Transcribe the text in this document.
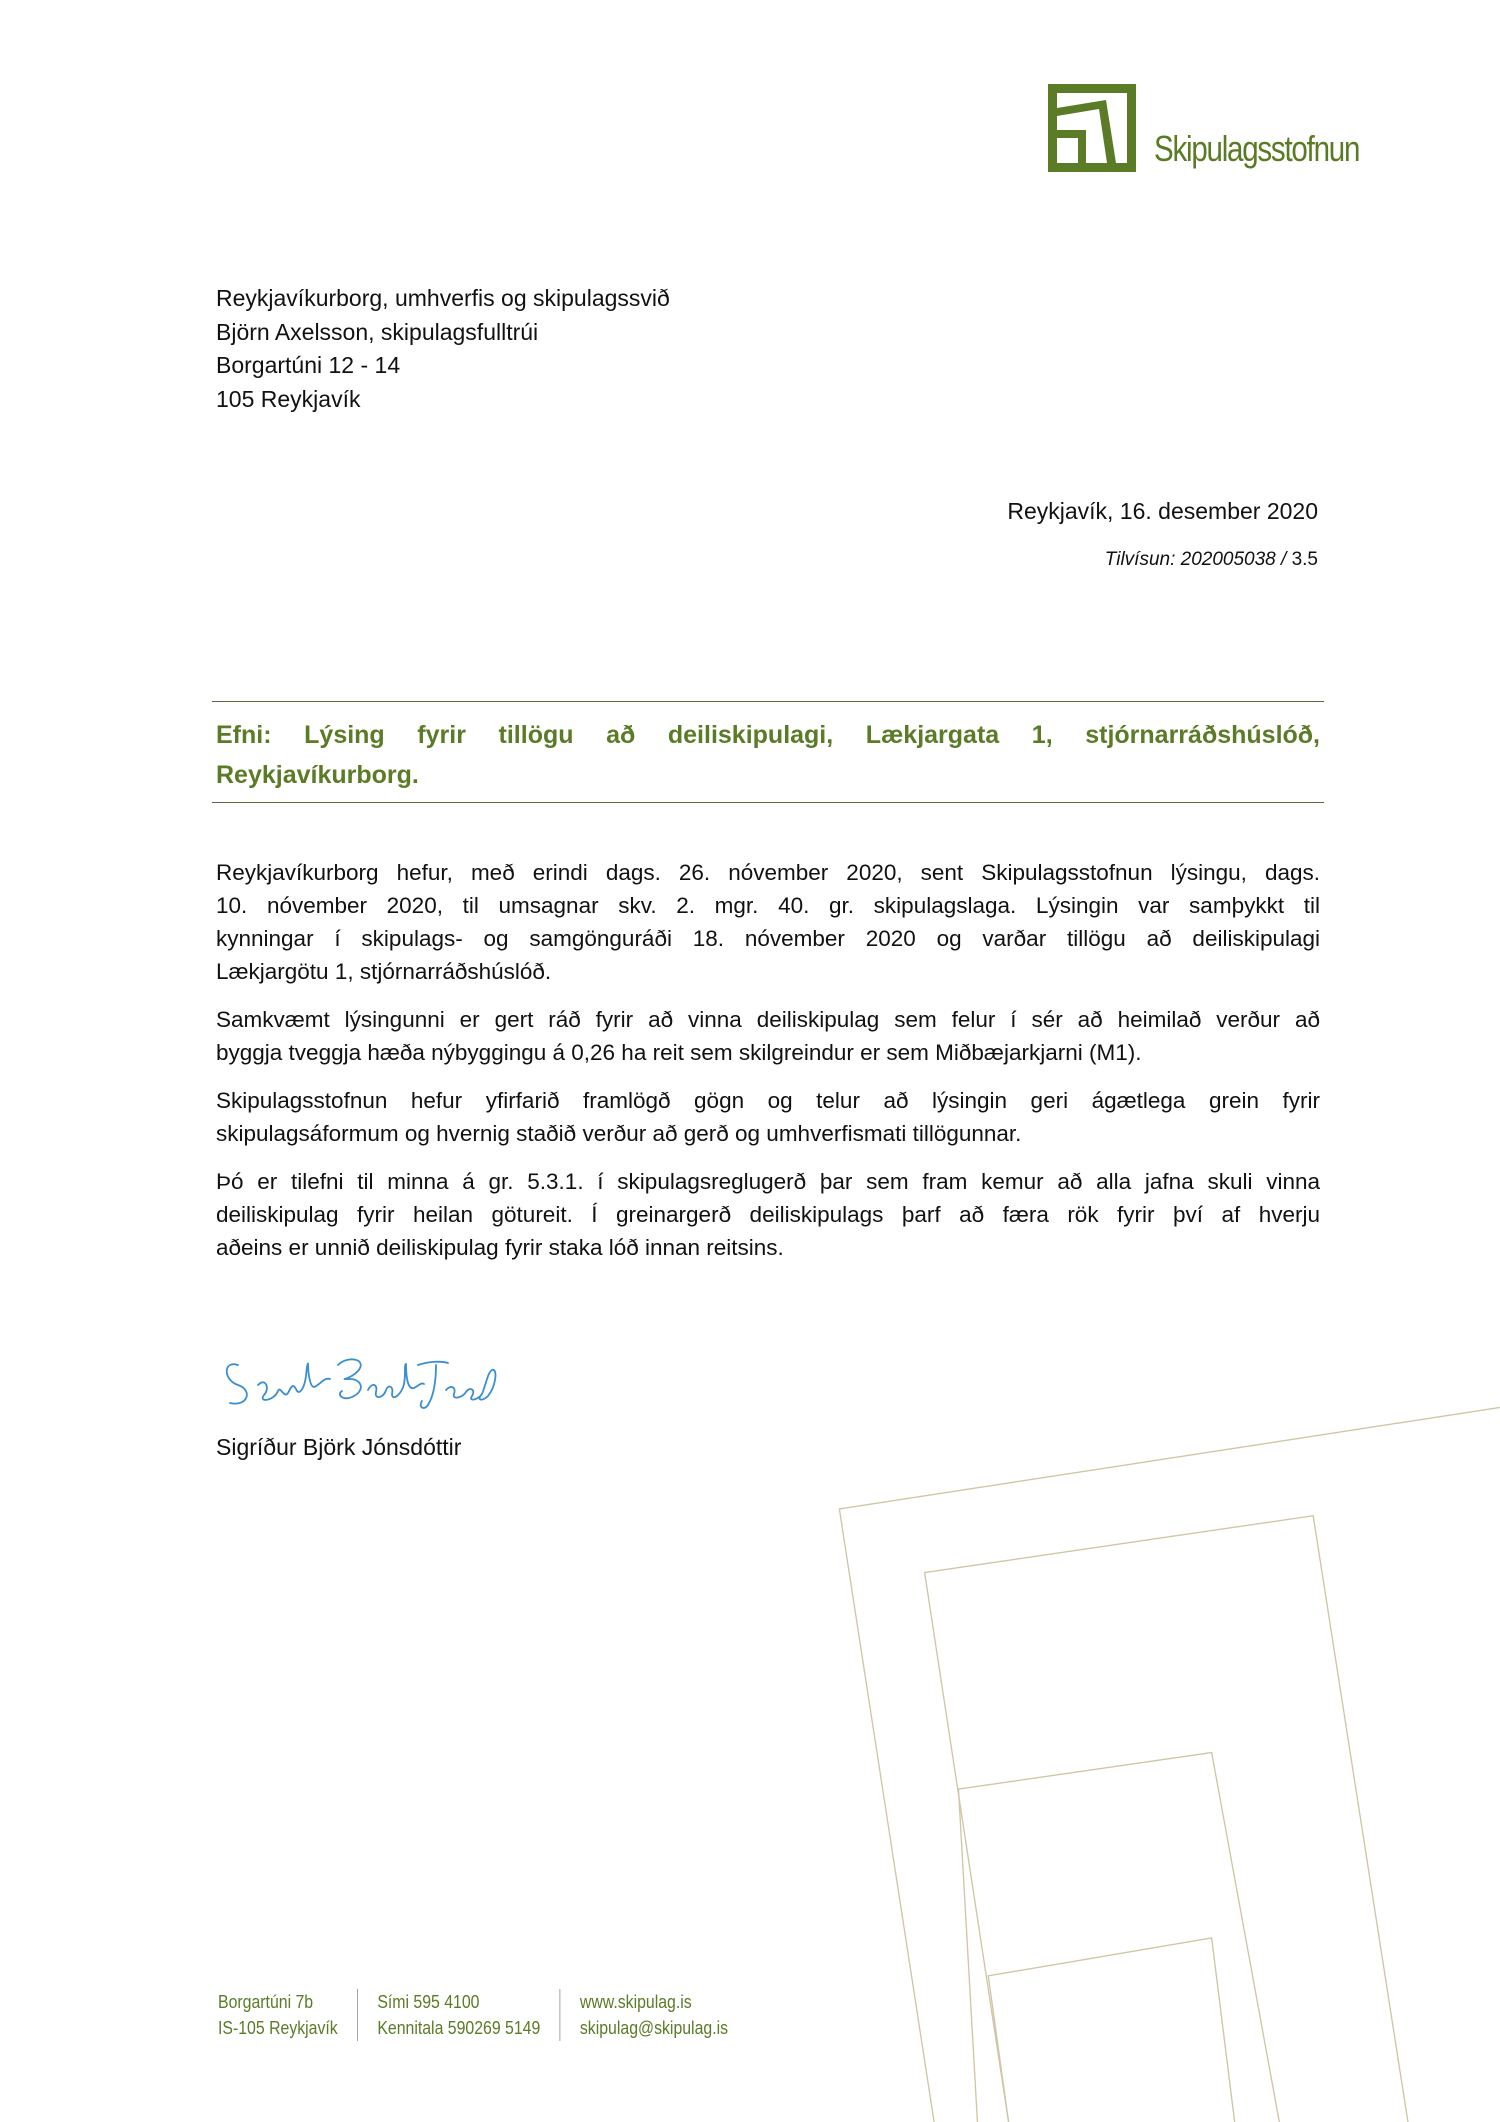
Skipulagsstofnun
Reykjavíkurborg, umhverfis og skipulagssvið
Björn Axelsson, skipulagsfulltrúi
Borgartúni 12 - 14
105 Reykjavík
Reykjavík, 16. desember 2020
Tilvísun: 202005038 / 3.5
Efni: Lýsing fyrir tillögu að deiliskipulagi, Lækjargata 1, stjórnarráðshúslóð,
Reykjavíkurborg.
Reykjavíkurborg hefur, með erindi dags. 26. nóvember 2020, sent Skipulagsstofnun lýsingu, dags.
10. nóvember 2020, til umsagnar skv. 2. mgr. 40. gr. skipulagslaga. Lýsingin var samþykkt til
kynningar í skipulags- og samgönguráði 18. nóvember 2020 og varðar tillögu að deiliskipulagi
Lækjargötu 1, stjórnarráðshúslóð.
Samkvæmt lýsingunni er gert ráð fyrir að vinna deiliskipulag sem felur í sér að heimilað verður að
byggja tveggja hæða nýbyggingu á 0,26 ha reit sem skilgreindur er sem Miðbæjarkjarni (M1).
Skipulagsstofnun hefur yfirfarið framlögð gögn og telur að lýsingin geri ágætlega grein fyrir
skipulagsáformum og hvernig staðið verður að gerð og umhverfismati tillögunnar.
Þó er tilefni til minna á gr. 5.3.1. í skipulagsreglugerð þar sem fram kemur að alla jafna skuli vinna
deiliskipulag fyrir heilan götureit. Í greinargerð deiliskipulags þarf að færa rök fyrir því af hverju
aðeins er unnið deiliskipulag fyrir staka lóð innan reitsins.
Sigríður Björk Jónsdóttir
Borgartúni 7b
IS-105 Reykjavík
Sími 595 4100
Kennitala 590269 5149
www.skipulag.is
skipulag@skipulag.is
